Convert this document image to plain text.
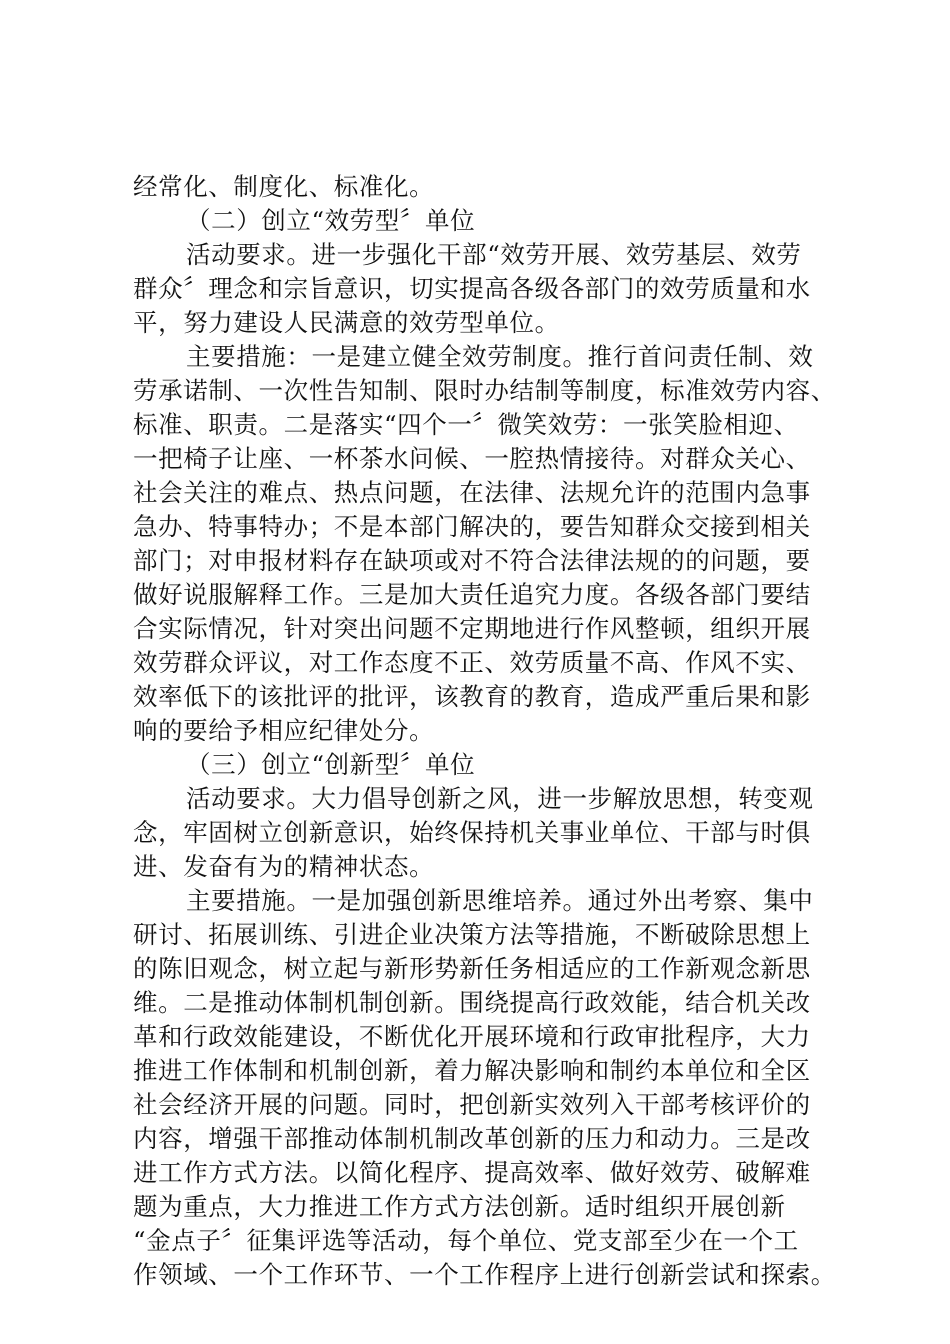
经常化、制度化、标准化。
（二）创立“效劳型〞单位
活动要求。进一步强化干部“效劳开展、效劳基层、效劳
群众〞理念和宗旨意识，切实提高各级各部门的效劳质量和水
平，努力建设人民满意的效劳型单位。
主要措施：一是建立健全效劳制度。推行首问责任制、效
劳承诺制、一次性告知制、限时办结制等制度，标准效劳内容、
标准、职责。二是落实“四个一〞微笑效劳：一张笑脸相迎、
一把椅子让座、一杯茶水问候、一腔热情接待。对群众关心、
社会关注的难点、热点问题，在法律、法规允许的范围内急事
急办、特事特办；不是本部门解决的，要告知群众交接到相关
部门；对申报材料存在缺项或对不符合法律法规的的问题，要
做好说服解释工作。三是加大责任追究力度。各级各部门要结
合实际情况，针对突出问题不定期地进行作风整顿，组织开展
效劳群众评议，对工作态度不正、效劳质量不高、作风不实、
效率低下的该批评的批评，该教育的教育，造成严重后果和影
响的要给予相应纪律处分。
（三）创立“创新型〞单位
活动要求。大力倡导创新之风，进一步解放思想，转变观
念，牢固树立创新意识，始终保持机关事业单位、干部与时俱
进、发奋有为的精神状态。
主要措施。一是加强创新思维培养。通过外出考察、集中
研讨、拓展训练、引进企业决策方法等措施，不断破除思想上
的陈旧观念，树立起与新形势新任务相适应的工作新观念新思
维。二是推动体制机制创新。围绕提高行政效能，结合机关改
革和行政效能建设，不断优化开展环境和行政审批程序，大力
推进工作体制和机制创新，着力解决影响和制约本单位和全区
社会经济开展的问题。同时，把创新实效列入干部考核评价的
内容，增强干部推动体制机制改革创新的压力和动力。三是改
进工作方式方法。以简化程序、提高效率、做好效劳、破解难
题为重点，大力推进工作方式方法创新。适时组织开展创新
“金点子〞征集评选等活动，每个单位、党支部至少在一个工
作领域、一个工作环节、一个工作程序上进行创新尝试和探索。
